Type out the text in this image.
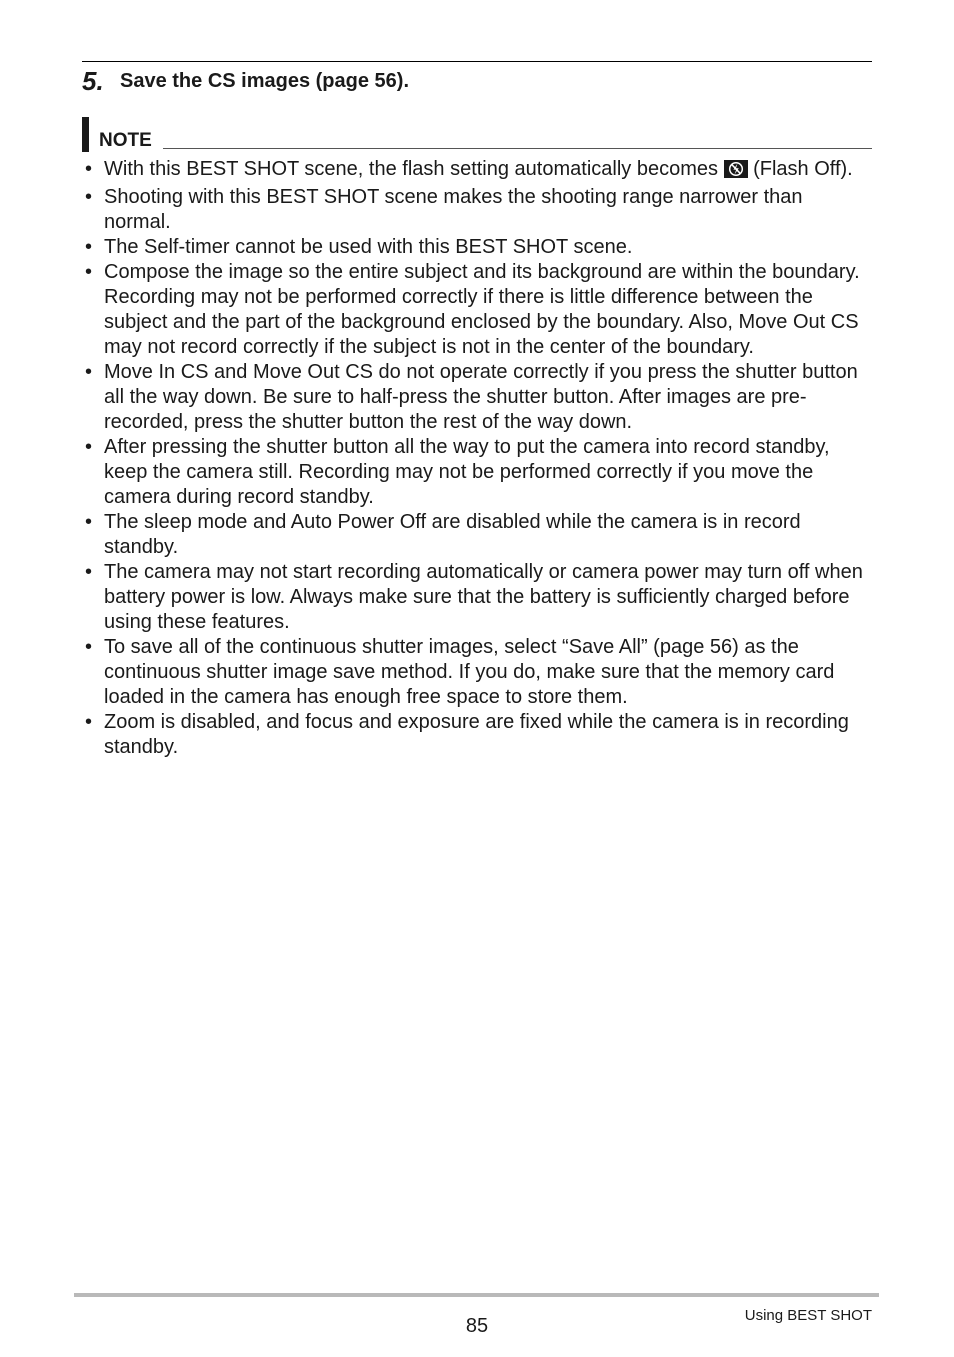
5. Save the CS images (page 56).
NOTE
• With this BEST SHOT scene, the flash setting automatically becomes  (Flash Off).
• Shooting with this BEST SHOT scene makes the shooting range narrower than normal.
• The Self-timer cannot be used with this BEST SHOT scene.
• Compose the image so the entire subject and its background are within the boundary. Recording may not be performed correctly if there is little difference between the subject and the part of the background enclosed by the boundary. Also, Move Out CS may not record correctly if the subject is not in the center of the boundary.
• Move In CS and Move Out CS do not operate correctly if you press the shutter button all the way down. Be sure to half-press the shutter button. After images are pre-recorded, press the shutter button the rest of the way down.
• After pressing the shutter button all the way to put the camera into record standby, keep the camera still. Recording may not be performed correctly if you move the camera during record standby.
• The sleep mode and Auto Power Off are disabled while the camera is in record standby.
• The camera may not start recording automatically or camera power may turn off when battery power is low. Always make sure that the battery is sufficiently charged before using these features.
• To save all of the continuous shutter images, select “Save All” (page 56) as the continuous shutter image save method. If you do, make sure that the memory card loaded in the camera has enough free space to store them.
• Zoom is disabled, and focus and exposure are fixed while the camera is in recording standby.
85	Using BEST SHOT
